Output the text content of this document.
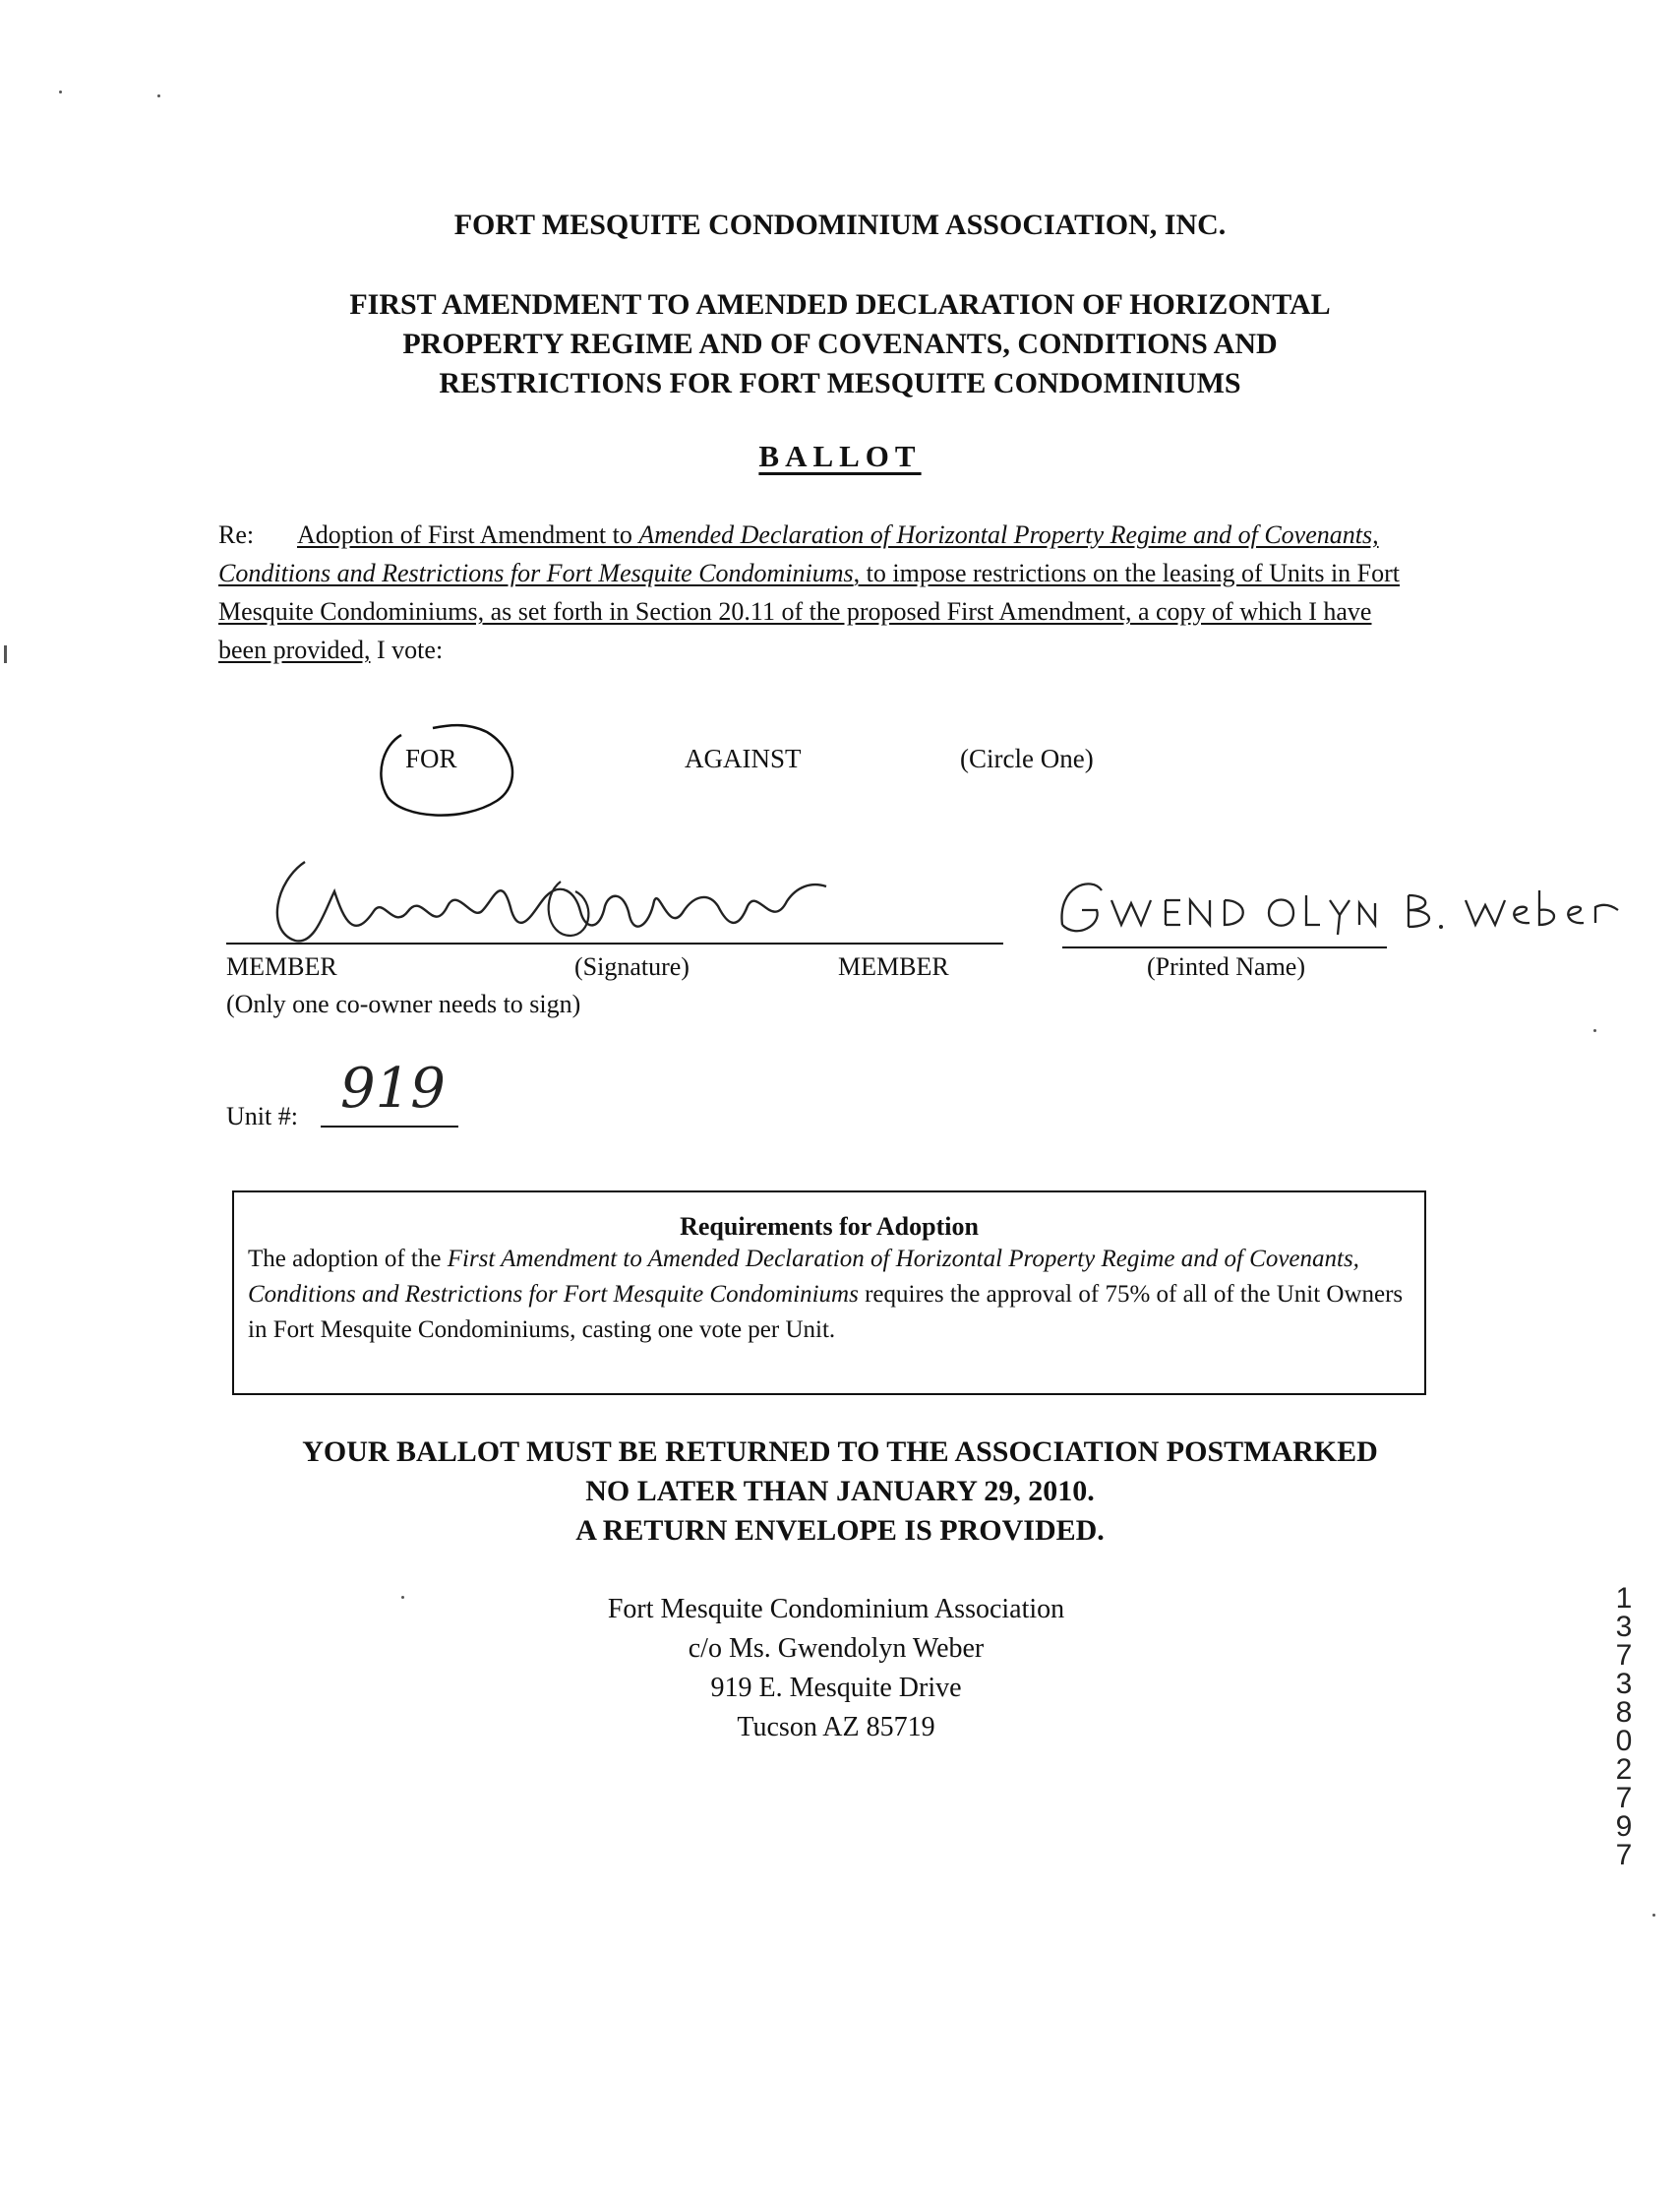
FORT MESQUITE CONDOMINIUM ASSOCIATION, INC.
FIRST AMENDMENT TO AMENDED DECLARATION OF HORIZONTAL
PROPERTY REGIME AND OF COVENANTS, CONDITIONS AND
RESTRICTIONS FOR FORT MESQUITE CONDOMINIUMS
BALLOT
Re: Adoption of First Amendment to Amended Declaration of Horizontal Property Regime and of Covenants, Conditions and Restrictions for Fort Mesquite Condominiums, to impose restrictions on the leasing of Units in Fort Mesquite Condominiums, as set forth in Section 20.11 of the proposed First Amendment, a copy of which I have been provided, I vote:
FOR	AGAINST	(Circle One)
MEMBER	(Signature)	MEMBER
(Only one co-owner needs to sign)
(Printed Name)
Unit #: 919
Requirements for Adoption
The adoption of the First Amendment to Amended Declaration of Horizontal Property Regime and of Covenants, Conditions and Restrictions for Fort Mesquite Condominiums requires the approval of 75% of all of the Unit Owners in Fort Mesquite Condominiums, casting one vote per Unit.
YOUR BALLOT MUST BE RETURNED TO THE ASSOCIATION POSTMARKED
NO LATER THAN JANUARY 29, 2010.
A RETURN ENVELOPE IS PROVIDED.
Fort Mesquite Condominium Association
c/o Ms. Gwendolyn Weber
919 E. Mesquite Drive
Tucson AZ 85719
13738 02797
